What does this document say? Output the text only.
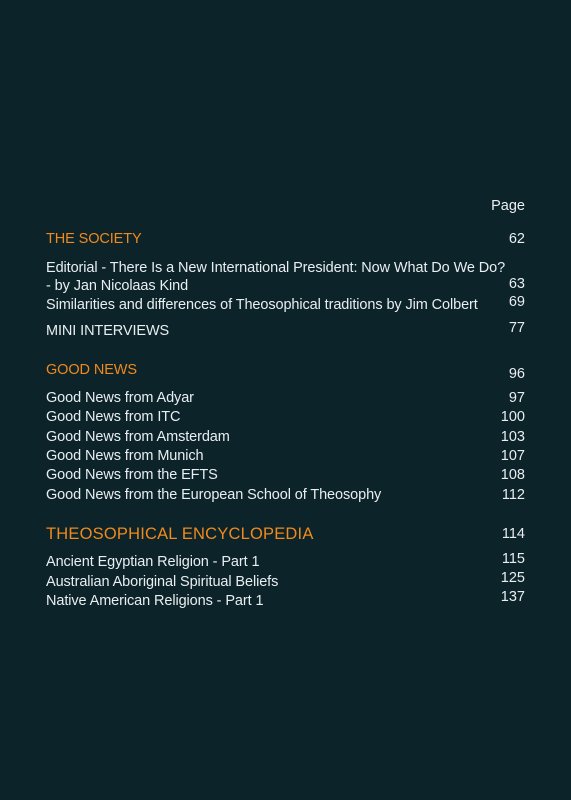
Page
THE SOCIETY	62
Editorial - There Is a New International President: Now What Do We Do?
- by Jan Nicolaas Kind	63
Similarities and differences of Theosophical traditions by Jim Colbert 69
MINI INTERVIEWS	77
GOOD NEWS	96
Good News from Adyar	97
Good News from ITC	100
Good News from Amsterdam	103
Good News from Munich	107
Good News from the EFTS	108
Good News from the European School of Theosophy	112
THEOSOPHICAL ENCYCLOPEDIA	114
Ancient Egyptian Religion - Part 1	115
Australian Aboriginal Spiritual Beliefs	125
Native American Religions - Part 1	137
